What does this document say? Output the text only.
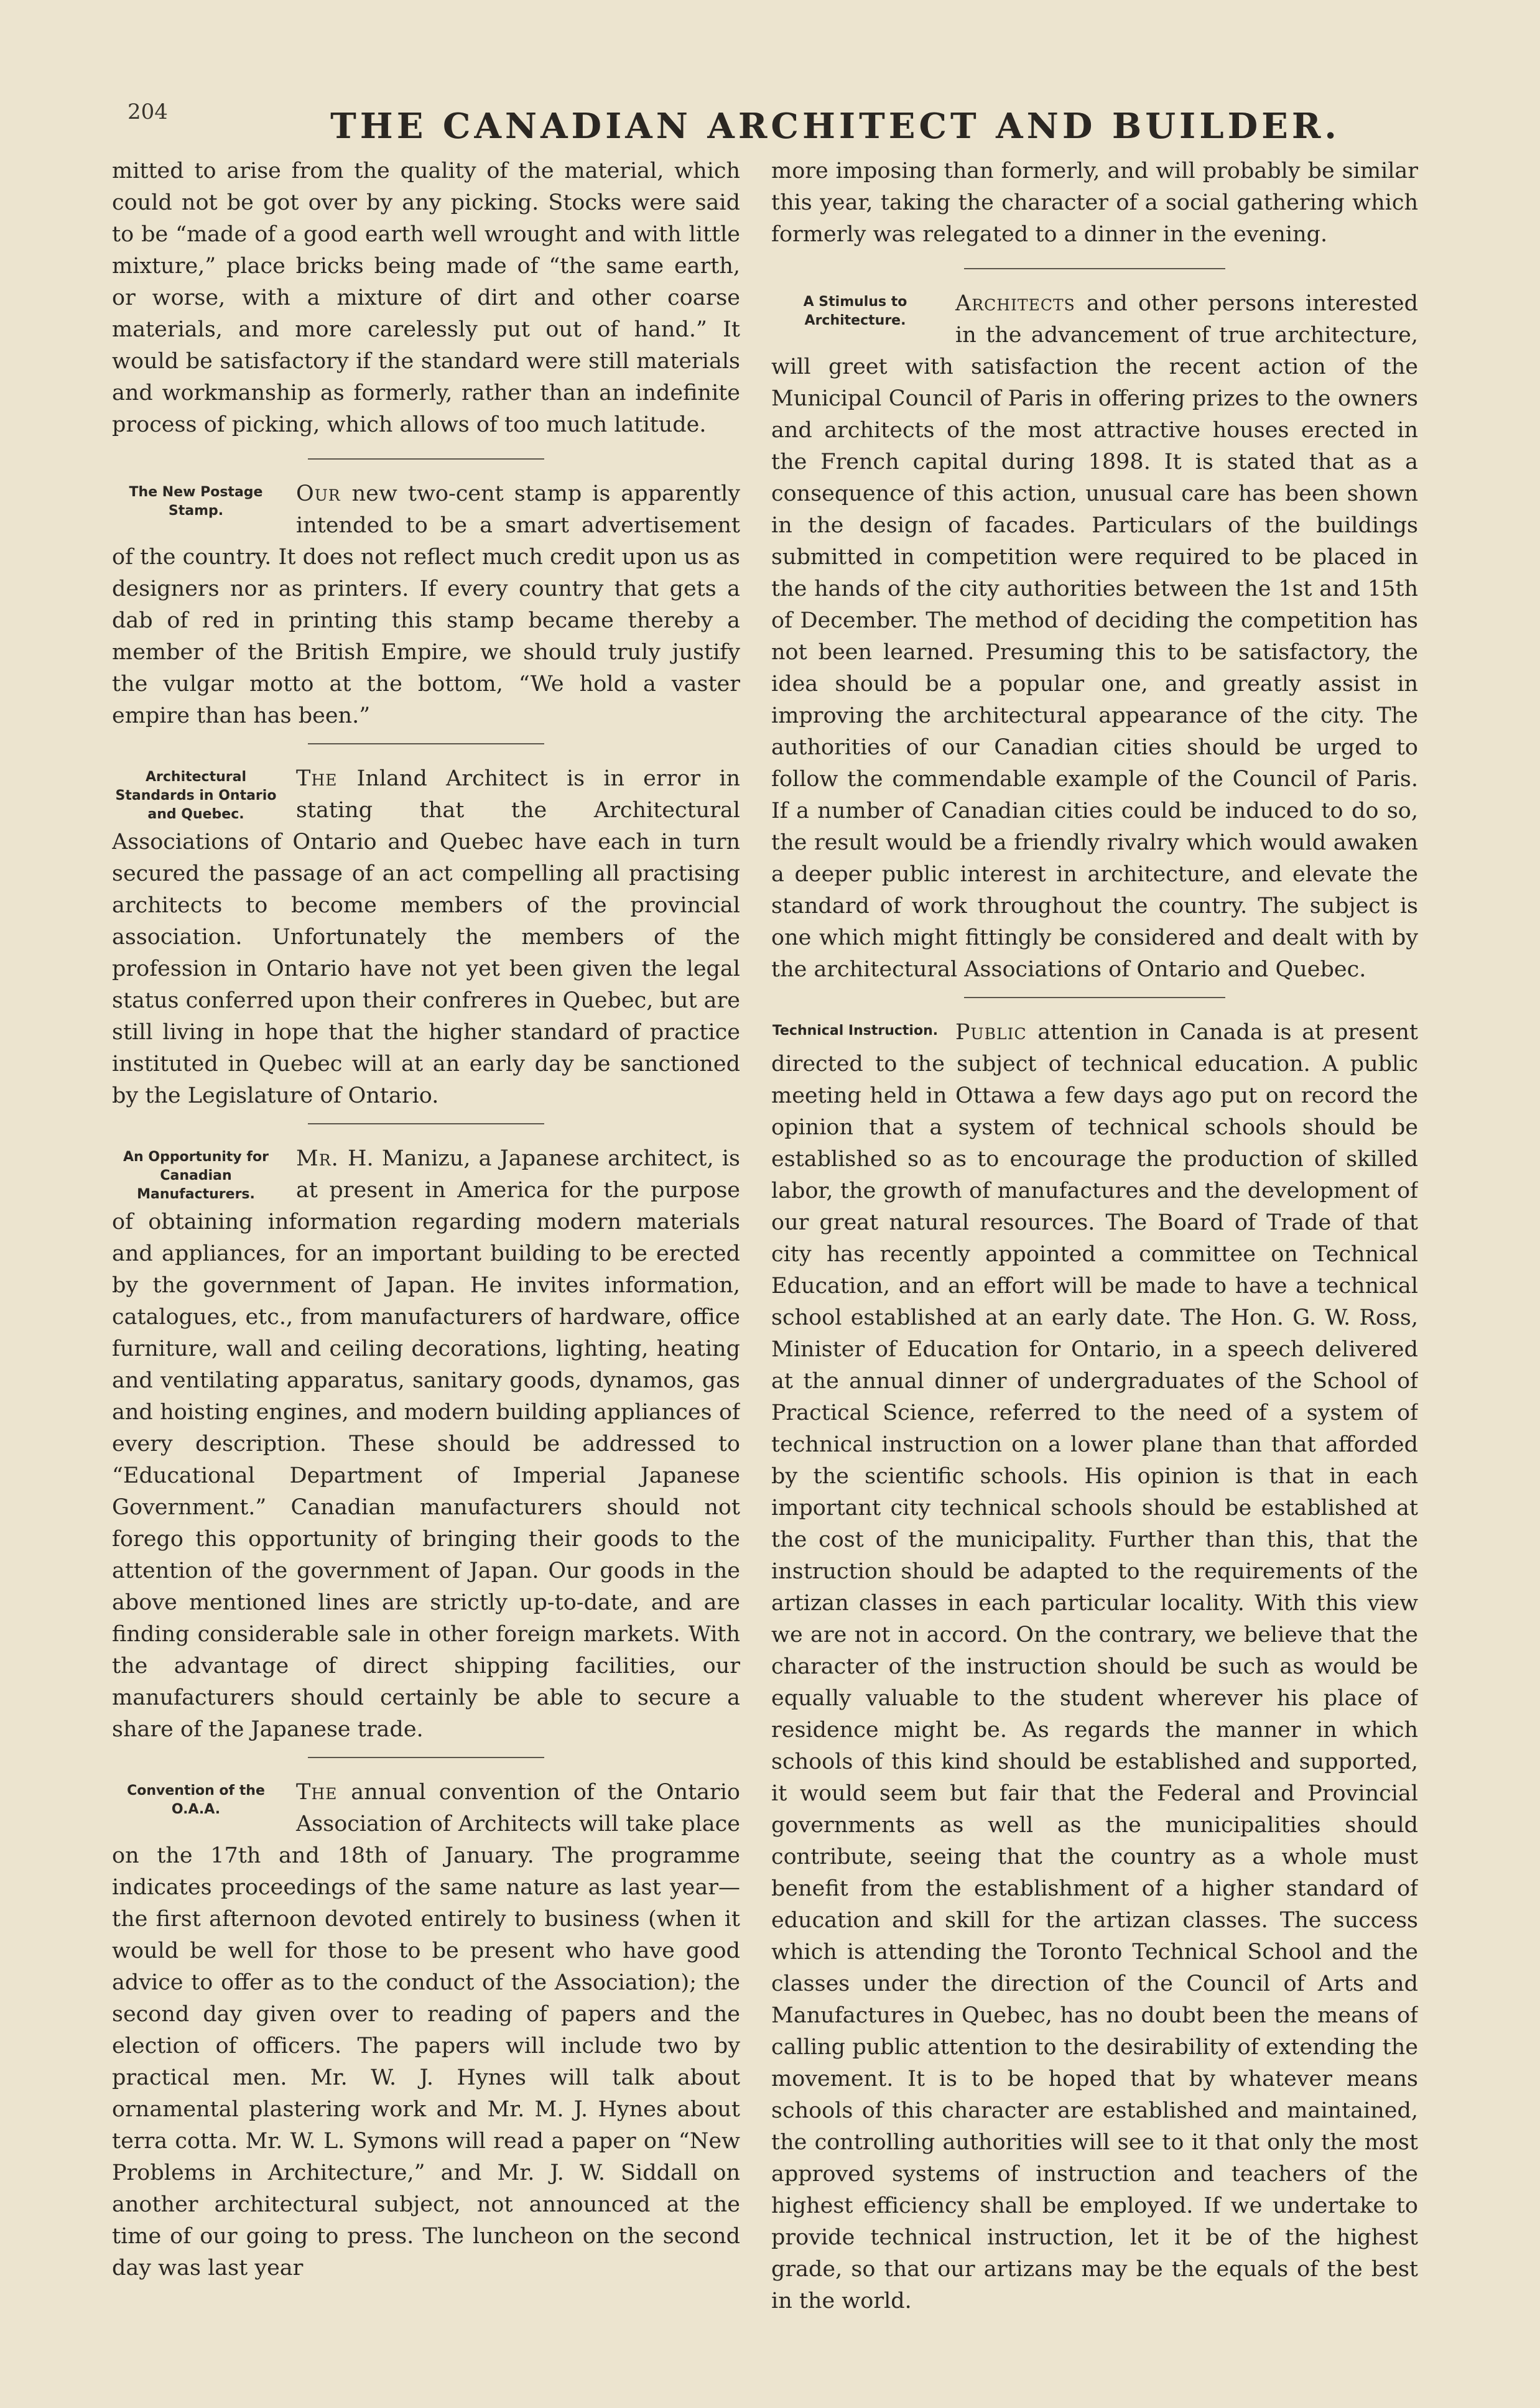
204	THE CANADIAN ARCHITECT AND BUILDER.

mitted to arise from the quality of the material, which could not be got over by any picking. Stocks were said to be “made of a good earth well wrought and with little mixture,” place bricks being made of “the same earth, or worse, with a mixture of dirt and other coarse materials, and more carelessly put out of hand.” It would be satisfactory if the standard were still materials and workmanship as formerly, rather than an indefinite process of picking, which allows of too much latitude.

The New Postage Stamp.
Our new two-cent stamp is apparently intended to be a smart advertisement of the country. It does not reflect much credit upon us as designers nor as printers. If every country that gets a dab of red in printing this stamp became thereby a member of the British Empire, we should truly justify the vulgar motto at the bottom, “We hold a vaster empire than has been.”
Architectural Standards in Ontario and Quebec.
The Inland Architect is in error in stating that the Architectural Associations of Ontario and Quebec have each in turn secured the passage of an act compelling all practising architects to become members of the provincial association. Unfortunately the members of the profession in Ontario have not yet been given the legal status conferred upon their confreres in Quebec, but are still living in hope that the higher standard of practice instituted in Quebec will at an early day be sanctioned by the Legislature of Ontario.
An Opportunity for Canadian Manufacturers.
Mr. H. Manizu, a Japanese architect, is at present in America for the purpose of obtaining information regarding modern materials and appliances, for an important building to be erected by the government of Japan. He invites information, catalogues, etc., from manufacturers of hardware, office furniture, wall and ceiling decorations, lighting, heating and ventilating apparatus, sanitary goods, dynamos, gas and hoisting engines, and modern building appliances of every description. These should be addressed to “Educational Department of Imperial Japanese Government.” Canadian manufacturers should not forego this opportunity of bringing their goods to the attention of the government of Japan. Our goods in the above mentioned lines are strictly up-to-date, and are finding considerable sale in other foreign markets. With the advantage of direct shipping facilities, our manufacturers should certainly be able to secure a share of the Japanese trade.
Convention of the O.A.A.
The annual convention of the Ontario Association of Architects will take place on the 17th and 18th of January. The programme indicates proceedings of the same nature as last year—the first afternoon devoted entirely to business (when it would be well for those to be present who have good advice to offer as to the conduct of the Association); the second day given over to reading of papers and the election of officers. The papers will include two by practical men. Mr. W. J. Hynes will talk about ornamental plastering work and Mr. M. J. Hynes about terra cotta. Mr. W. L. Symons will read a paper on “New Problems in Architecture,” and Mr. J. W. Siddall on another architectural subject, not announced at the time of our going to press. The luncheon on the second day was last year

more imposing than formerly, and will probably be similar this year, taking the character of a social gathering which formerly was relegated to a dinner in the evening.

A Stimulus to Architecture.
Architects and other persons interested in the advancement of true architecture, will greet with satisfaction the recent action of the Municipal Council of Paris in offering prizes to the owners and architects of the most attractive houses erected in the French capital during 1898. It is stated that as a consequence of this action, unusual care has been shown in the design of facades. Particulars of the buildings submitted in competition were required to be placed in the hands of the city authorities between the 1st and 15th of December. The method of deciding the competition has not been learned. Presuming this to be satisfactory, the idea should be a popular one, and greatly assist in improving the architectural appearance of the city. The authorities of our Canadian cities should be urged to follow the commendable example of the Council of Paris. If a number of Canadian cities could be induced to do so, the result would be a friendly rivalry which would awaken a deeper public interest in architecture, and elevate the standard of work throughout the country. The subject is one which might fittingly be considered and dealt with by the architectural Associations of Ontario and Quebec.
Technical Instruction. Public attention in Canada is at present directed to the subject of technical education. A public meeting held in Ottawa a few days ago put on record the opinion that a system of technical schools should be established so as to encourage the production of skilled labor, the growth of manufactures and the development of our great natural resources. The Board of Trade of that city has recently appointed a committee on Technical Education, and an effort will be made to have a technical school established at an early date. The Hon. G. W. Ross, Minister of Education for Ontario, in a speech delivered at the annual dinner of undergraduates of the School of Practical Science, referred to the need of a system of technical instruction on a lower plane than that afforded by the scientific schools. His opinion is that in each important city technical schools should be established at the cost of the municipality. Further than this, that the instruction should be adapted to the requirements of the artizan classes in each particular locality. With this view we are not in accord. On the contrary, we believe that the character of the instruction should be such as would be equally valuable to the student wherever his place of residence might be. As regards the manner in which schools of this kind should be established and supported, it would seem but fair that the Federal and Provincial governments as well as the municipalities should contribute, seeing that the country as a whole must benefit from the establishment of a higher standard of education and skill for the artizan classes. The success which is attending the Toronto Technical School and the classes under the direction of the Council of Arts and Manufactures in Quebec, has no doubt been the means of calling public attention to the desirability of extending the movement. It is to be hoped that by whatever means schools of this character are established and maintained, the controlling authorities will see to it that only the most approved systems of instruction and teachers of the highest efficiency shall be employed. If we undertake to provide technical instruction, let it be of the highest grade, so that our artizans may be the equals of the best in the world.
